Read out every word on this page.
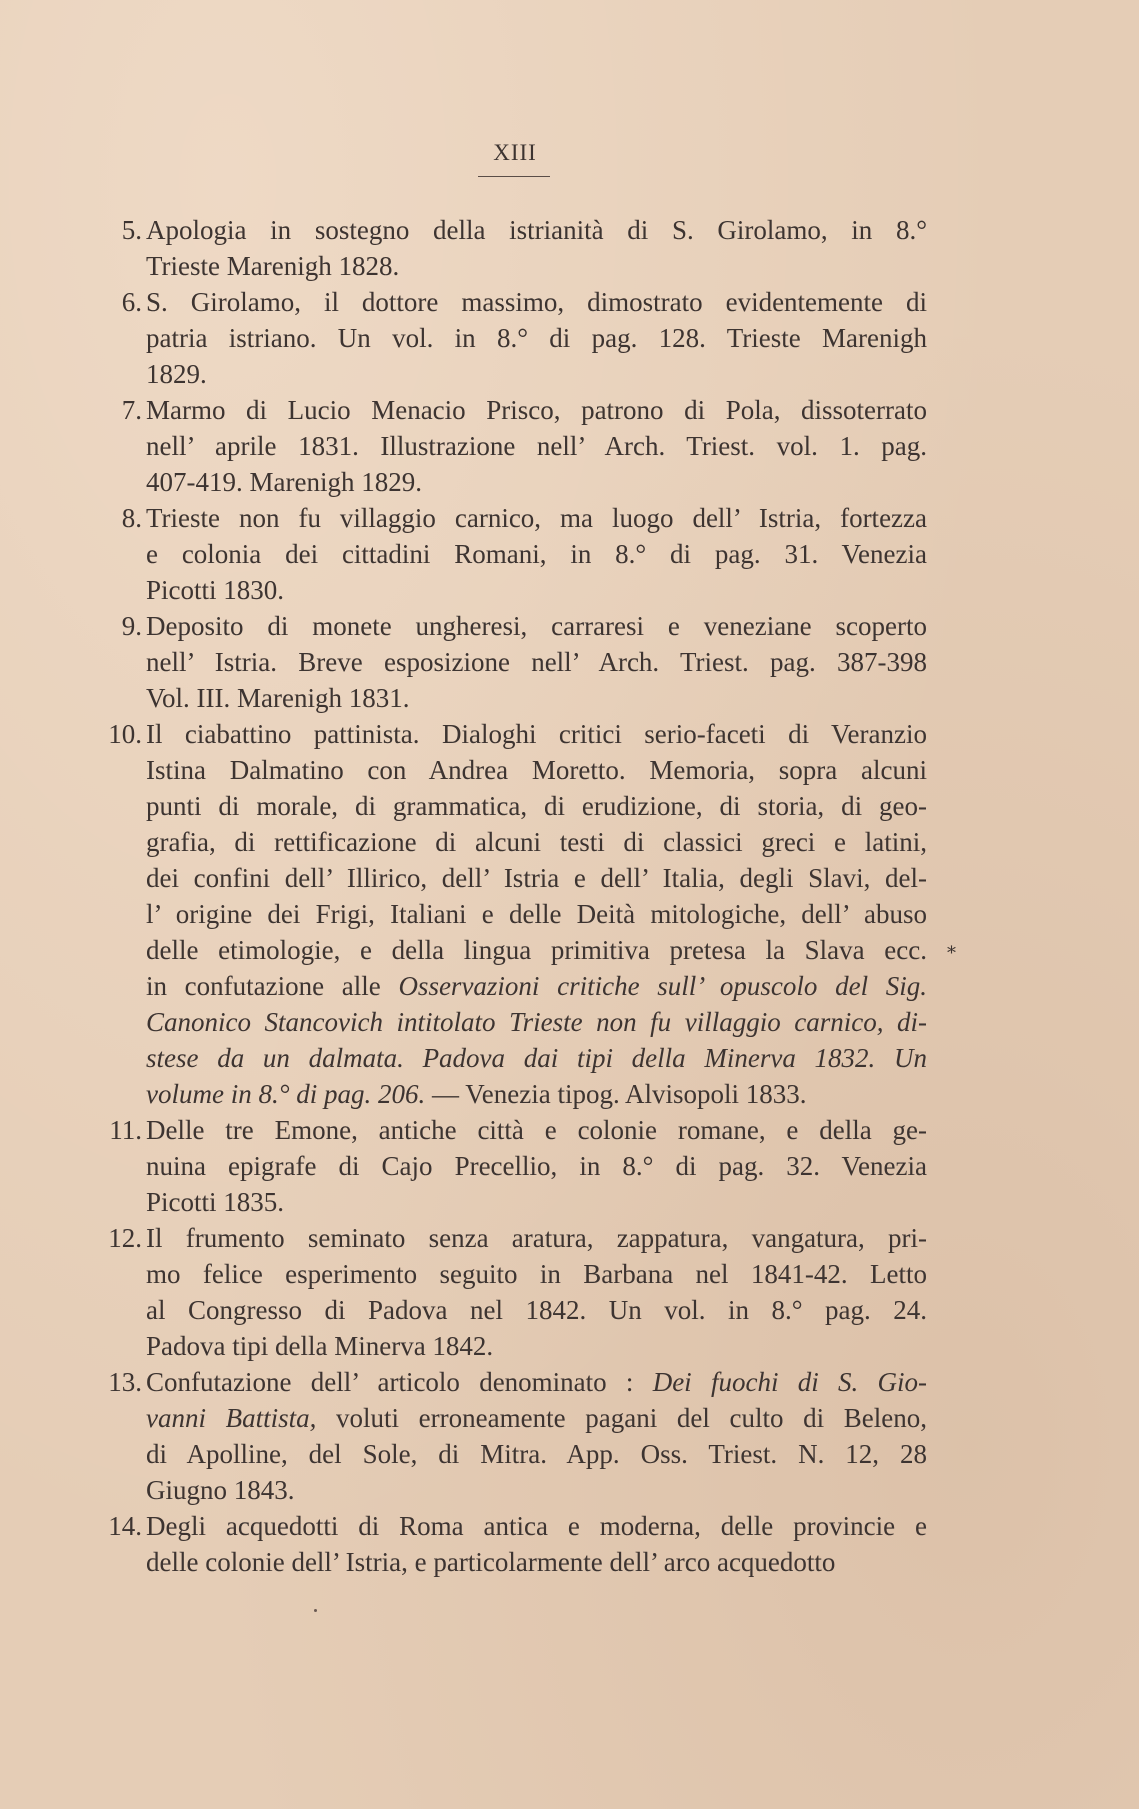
XIII
5. Apologia in sostegno della istrianità di S. Girolamo, in 8.°
Trieste Marenigh 1828.
6. S. Girolamo, il dottore massimo, dimostrato evidentemente di
patria istriano. Un vol. in 8.° di pag. 128. Trieste Marenigh
1829.
7. Marmo di Lucio Menacio Prisco, patrono di Pola, dissoterrato
nell’ aprile 1831. Illustrazione nell’ Arch. Triest. vol. 1. pag.
407-419. Marenigh 1829.
8. Trieste non fu villaggio carnico, ma luogo dell’ Istria, fortezza
e colonia dei cittadini Romani, in 8.° di pag. 31. Venezia
Picotti 1830.
9. Deposito di monete ungheresi, carraresi e veneziane scoperto
nell’ Istria. Breve esposizione nell’ Arch. Triest. pag. 387-398
Vol. III. Marenigh 1831.
10. Il ciabattino pattinista. Dialoghi critici serio-faceti di Veranzio
Istina Dalmatino con Andrea Moretto. Memoria, sopra alcuni
punti di morale, di grammatica, di erudizione, di storia, di geo-
grafia, di rettificazione di alcuni testi di classici greci e latini,
dei confini dell’ Illirico, dell’ Istria e dell’ Italia, degli Slavi, del-
l’ origine dei Frigi, Italiani e delle Deità mitologiche, dell’ abuso
delle etimologie, e della lingua primitiva pretesa la Slava ecc.
in confutazione alle Osservazioni critiche sull’ opuscolo del Sig.
Canonico Stancovich intitolato Trieste non fu villaggio carnico, di-
stese da un dalmata. Padova dai tipi della Minerva 1832. Un
volume in 8.° di pag. 206. — Venezia tipog. Alvisopoli 1833.
11. Delle tre Emone, antiche città e colonie romane, e della ge-
nuina epigrafe di Cajo Precellio, in 8.° di pag. 32. Venezia
Picotti 1835.
12. Il frumento seminato senza aratura, zappatura, vangatura, pri-
mo felice esperimento seguito in Barbana nel 1841-42. Letto
al Congresso di Padova nel 1842. Un vol. in 8.° pag. 24.
Padova tipi della Minerva 1842.
13. Confutazione dell’ articolo denominato : Dei fuochi di S. Gio-
vanni Battista, voluti erroneamente pagani del culto di Beleno,
di Apolline, del Sole, di Mitra. App. Oss. Triest. N. 12, 28
Giugno 1843.
14. Degli acquedotti di Roma antica e moderna, delle provincie e
delle colonie dell’ Istria, e particolarmente dell’ arco acquedotto
⁎
